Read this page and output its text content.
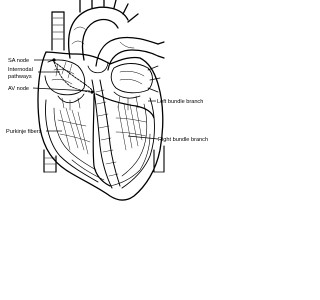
SA node
Internodal
pathways
AV node
Purkinje fibers
Left bundle branch
Right bundle branch
